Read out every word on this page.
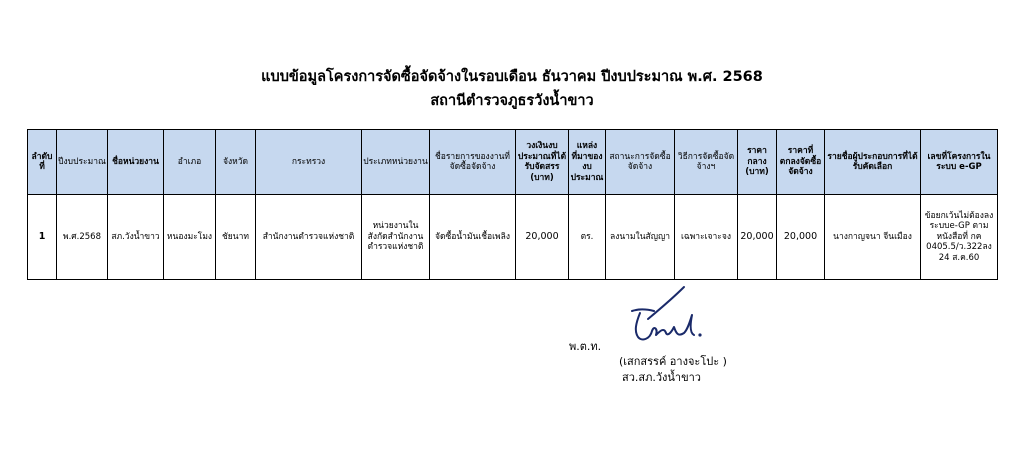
แบบข้อมูลโครงการจัดซื้อจัดจ้างในรอบเดือน ธันวาคม ปีงบประมาณ พ.ศ. 2568
สถานีตำรวจภูธรวังน้ำขาว
ลำดับที่	ปีงบประมาณ	ชื่อหน่วยงาน	อำเภอ	จังหวัด	กระทรวง	ประเภทหน่วยงาน	ชื่อรายการของงานที่จัดซื้อจัดจ้าง	วงเงินงบประมาณที่ได้รับจัดสรร (บาท)	แหล่งที่มาของงบประมาณ	สถานะการจัดซื้อจัดจ้าง	วิธีการจัดซื้อจัดจ้างฯ	ราคากลาง (บาท)	ราคาที่ตกลงจัดซื้อจัดจ้าง	รายชื่อผู้ประกอบการที่ได้รับคัดเลือก	เลขที่โครงการในระบบ e-GP
1	พ.ศ.2568	สภ.วังน้ำขาว	หนองมะโมง	ชัยนาท	สำนักงานตำรวจแห่งชาติ	หน่วยงานในสังกัดสำนักงานตำรวจแห่งชาติ	จัดซื้อน้ำมันเชื้อเพลิง	20,000	ตร.	ลงนามในสัญญา	เฉพาะเจาะจง	20,000	20,000	นางกาญจนา จีนเมือง	ข้อยกเว้นไม่ต้องลงระบบe-GP ตามหนังสือที่ กค 0405.5/ว.322ลง 24 ส.ค.60
พ.ต.ท.
(เสกสรรค์ อางจะโปะ )
สว.สภ.วังน้ำขาว
